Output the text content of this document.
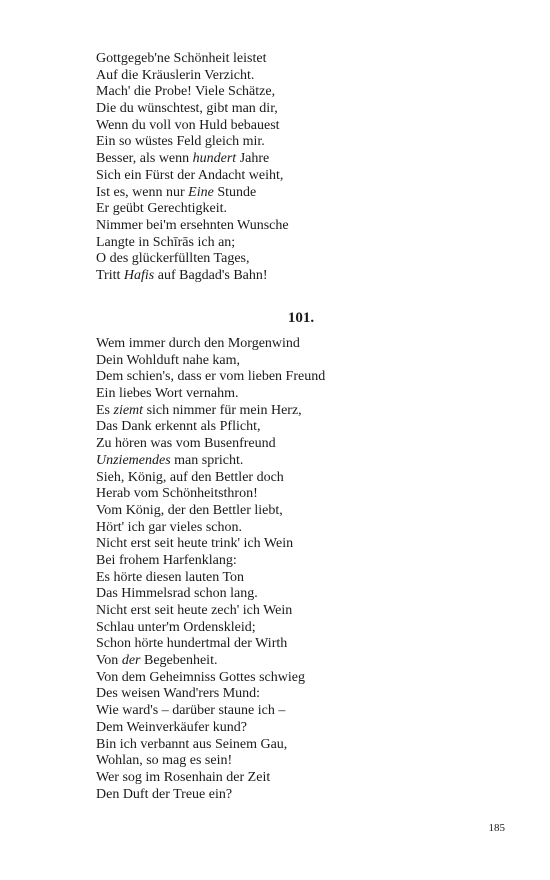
Gottgegeb'ne Schönheit leistet
Auf die Kräuslerin Verzicht.
Mach' die Probe! Viele Schätze,
Die du wünschtest, gibt man dir,
Wenn du voll von Huld bebauest
Ein so wüstes Feld gleich mir.
Besser, als wenn hundert Jahre
Sich ein Fürst der Andacht weiht,
Ist es, wenn nur Eine Stunde
Er geübt Gerechtigkeit.
Nimmer bei'm ersehnten Wunsche
Langte in Schīrās ich an;
O des glückerfüllten Tages,
Tritt Hafis auf Bagdad's Bahn!
101.
Wem immer durch den Morgenwind
Dein Wohlduft nahe kam,
Dem schien's, dass er vom lieben Freund
Ein liebes Wort vernahm.
Es ziemt sich nimmer für mein Herz,
Das Dank erkennt als Pflicht,
Zu hören was vom Busenfreund
Unziemendes man spricht.
Sieh, König, auf den Bettler doch
Herab vom Schönheitsthron!
Vom König, der den Bettler liebt,
Hört' ich gar vieles schon.
Nicht erst seit heute trink' ich Wein
Bei frohem Harfenklang:
Es hörte diesen lauten Ton
Das Himmelsrad schon lang.
Nicht erst seit heute zech' ich Wein
Schlau unter'm Ordenskleid;
Schon hörte hundertmal der Wirth
Von der Begebenheit.
Von dem Geheimniss Gottes schwieg
Des weisen Wand'rers Mund:
Wie ward's – darüber staune ich –
Dem Weinverkäufer kund?
Bin ich verbannt aus Seinem Gau,
Wohlan, so mag es sein!
Wer sog im Rosenhain der Zeit
Den Duft der Treue ein?
185
